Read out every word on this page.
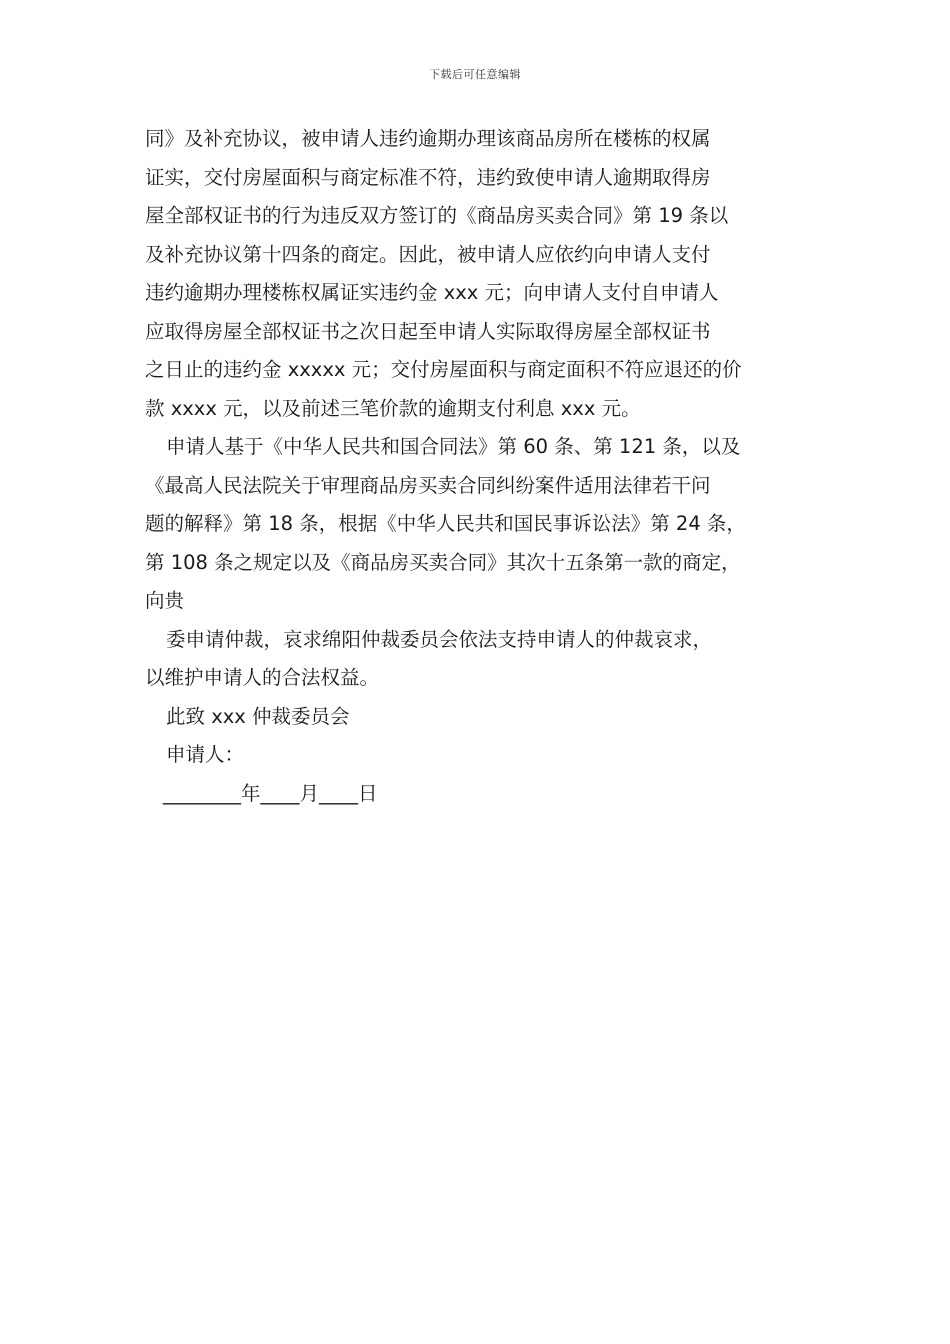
下载后可任意编辑
同》及补充协议，被申请人违约逾期办理该商品房所在楼栋的权属
证实，交付房屋面积与商定标准不符，违约致使申请人逾期取得房
屋全部权证书的行为违反双方签订的《商品房买卖合同》第 19 条以
及补充协议第十四条的商定。因此，被申请人应依约向申请人支付
违约逾期办理楼栋权属证实违约金 xxx 元；向申请人支付自申请人
应取得房屋全部权证书之次日起至申请人实际取得房屋全部权证书
之日止的违约金 xxxxx 元；交付房屋面积与商定面积不符应退还的价
款 xxxx 元，以及前述三笔价款的逾期支付利息 xxx 元。
申请人基于《中华人民共和国合同法》第 60 条、第 121 条，以及
《最高人民法院关于审理商品房买卖合同纠纷案件适用法律若干问
题的解释》第 18 条，根据《中华人民共和国民事诉讼法》第 24 条，
第 108 条之规定以及《商品房买卖合同》其次十五条第一款的商定，
向贵
委申请仲裁，哀求绵阳仲裁委员会依法支持申请人的仲裁哀求，
以维护申请人的合法权益。
此致 xxx 仲裁委员会
申请人：
________年____月____日
